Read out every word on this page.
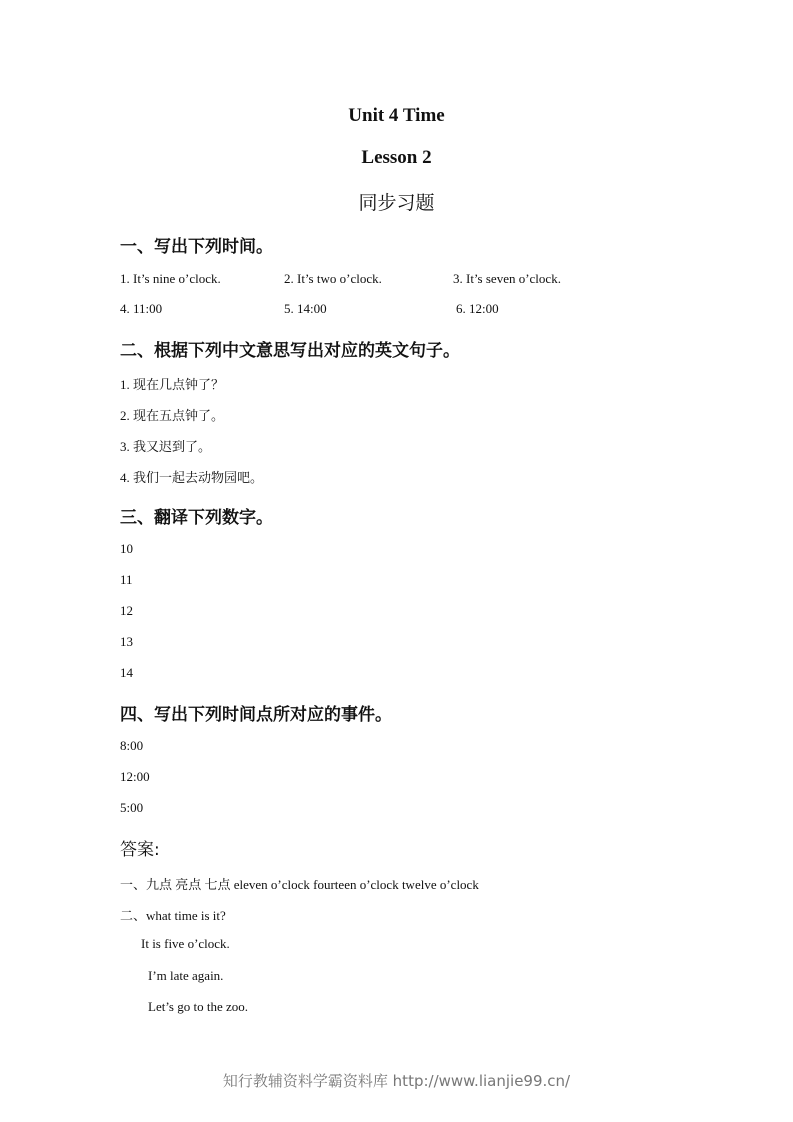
Unit 4 Time
Lesson 2
同步习题
一、写出下列时间。
1. It’s nine o’clock.	2. It’s two o’clock.	3. It’s seven o’clock.
4. 11:00	5. 14:00	6. 12:00
二、根据下列中文意思写出对应的英文句子。
1. 现在几点钟了？
2. 现在五点钟了。
3. 我又迟到了。
4. 我们一起去动物园吧。
三、翻译下列数字。
10
11
12
13
14
四、写出下列时间点所对应的事件。
8:00
12:00
5:00
答案:
一、九点 亮点 七点 eleven o’clock fourteen o’clock twelve o’clock
二、what time is it?
It is five o’clock.
I’m late again.
Let’s go to the zoo.
知行教辅资料学霸资料库 http://www.lianjie99.cn/
